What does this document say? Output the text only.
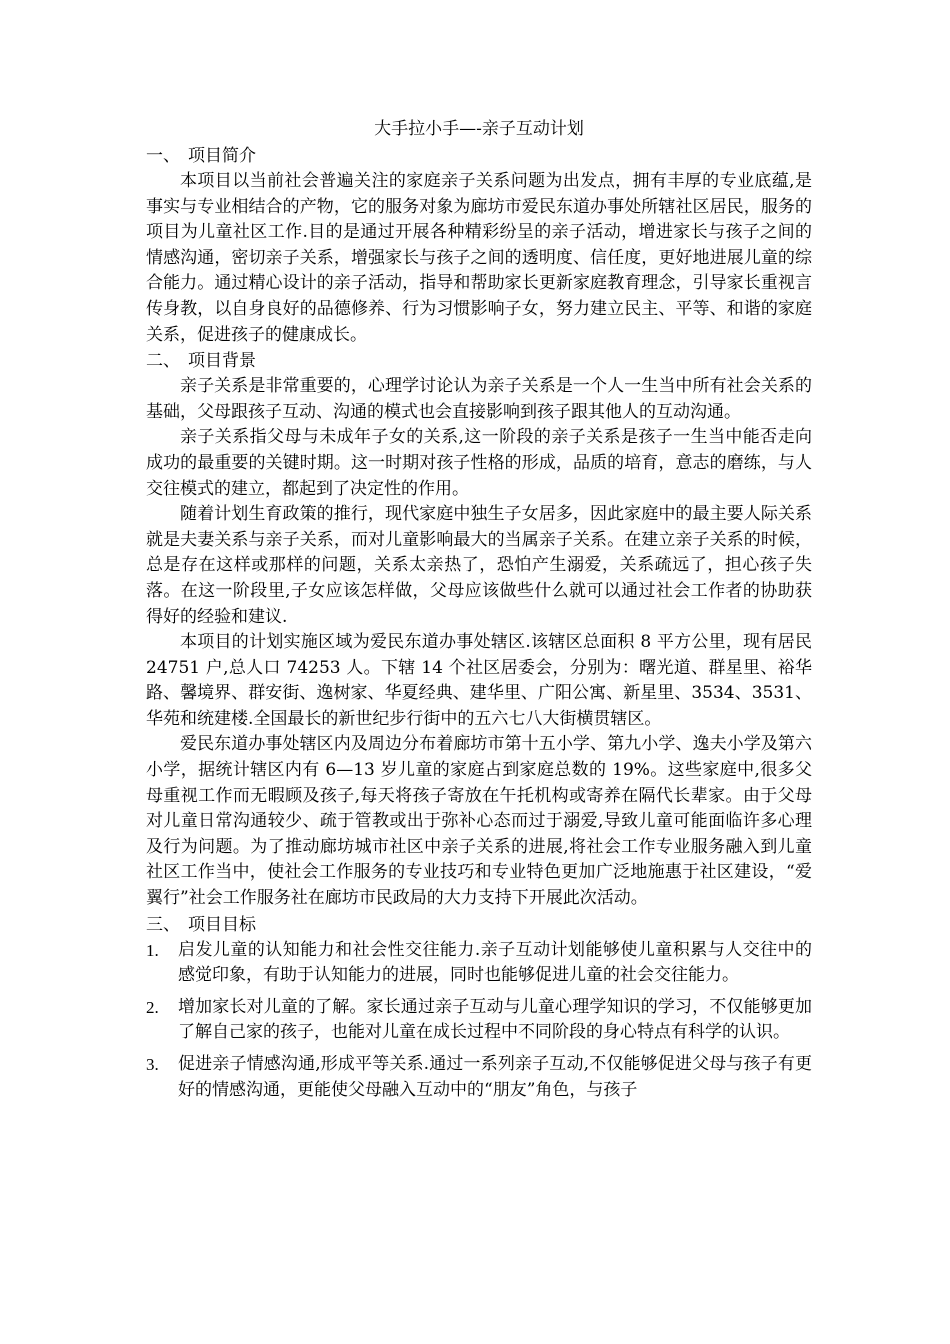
大手拉小手—-亲子互动计划
一、 项目简介

本项目以当前社会普遍关注的家庭亲子关系问题为出发点，拥有丰厚的专业底蕴,是事实与专业相结合的产物，它的服务对象为廊坊市爱民东道办事处所辖社区居民，服务的项目为儿童社区工作.目的是通过开展各种精彩纷呈的亲子活动，增进家长与孩子之间的情感沟通，密切亲子关系，增强家长与孩子之间的透明度、信任度，更好地进展儿童的综合能力。通过精心设计的亲子活动，指导和帮助家长更新家庭教育理念，引导家长重视言传身教，以自身良好的品德修养、行为习惯影响子女，努力建立民主、平等、和谐的家庭关系，促进孩子的健康成长。

二、 项目背景

亲子关系是非常重要的，心理学讨论认为亲子关系是一个人一生当中所有社会关系的基础，父母跟孩子互动、沟通的模式也会直接影响到孩子跟其他人的互动沟通。

亲子关系指父母与未成年子女的关系,这一阶段的亲子关系是孩子一生当中能否走向成功的最重要的关键时期。这一时期对孩子性格的形成，品质的培育，意志的磨练，与人交往模式的建立，都起到了决定性的作用。

随着计划生育政策的推行，现代家庭中独生子女居多，因此家庭中的最主要人际关系就是夫妻关系与亲子关系，而对儿童影响最大的当属亲子关系。在建立亲子关系的时候，总是存在这样或那样的问题，关系太亲热了，恐怕产生溺爱，关系疏远了，担心孩子失落。在这一阶段里,子女应该怎样做，父母应该做些什么就可以通过社会工作者的协助获得好的经验和建议.

本项目的计划实施区域为爱民东道办事处辖区.该辖区总面积 8 平方公里，现有居民 24751 户,总人口 74253 人。下辖 14 个社区居委会，分别为：曙光道、群星里、裕华路、馨境界、群安街、逸树家、华夏经典、建华里、广阳公寓、新星里、3534、3531、华苑和统建楼.全国最长的新世纪步行街中的五六七八大街横贯辖区。

爱民东道办事处辖区内及周边分布着廊坊市第十五小学、第九小学、逸夫小学及第六小学，据统计辖区内有 6—13 岁儿童的家庭占到家庭总数的 19%。这些家庭中,很多父母重视工作而无暇顾及孩子,每天将孩子寄放在午托机构或寄养在隔代长辈家。由于父母对儿童日常沟通较少、疏于管教或出于弥补心态而过于溺爱,导致儿童可能面临许多心理及行为问题。为了推动廊坊城市社区中亲子关系的进展,将社会工作专业服务融入到儿童社区工作当中，使社会工作服务的专业技巧和专业特色更加广泛地施惠于社区建设，“爱翼行”社会工作服务社在廊坊市民政局的大力支持下开展此次活动。

三、 项目目标
1. 启发儿童的认知能力和社会性交往能力.亲子互动计划能够使儿童积累与人交往中的感觉印象，有助于认知能力的进展，同时也能够促进儿童的社会交往能力。
2. 增加家长对儿童的了解。家长通过亲子互动与儿童心理学知识的学习，不仅能够更加了解自己家的孩子，也能对儿童在成长过程中不同阶段的身心特点有科学的认识。
3. 促进亲子情感沟通,形成平等关系.通过一系列亲子互动,不仅能够促进父母与孩子有更好的情感沟通，更能使父母融入互动中的“朋友”角色，与孩子
